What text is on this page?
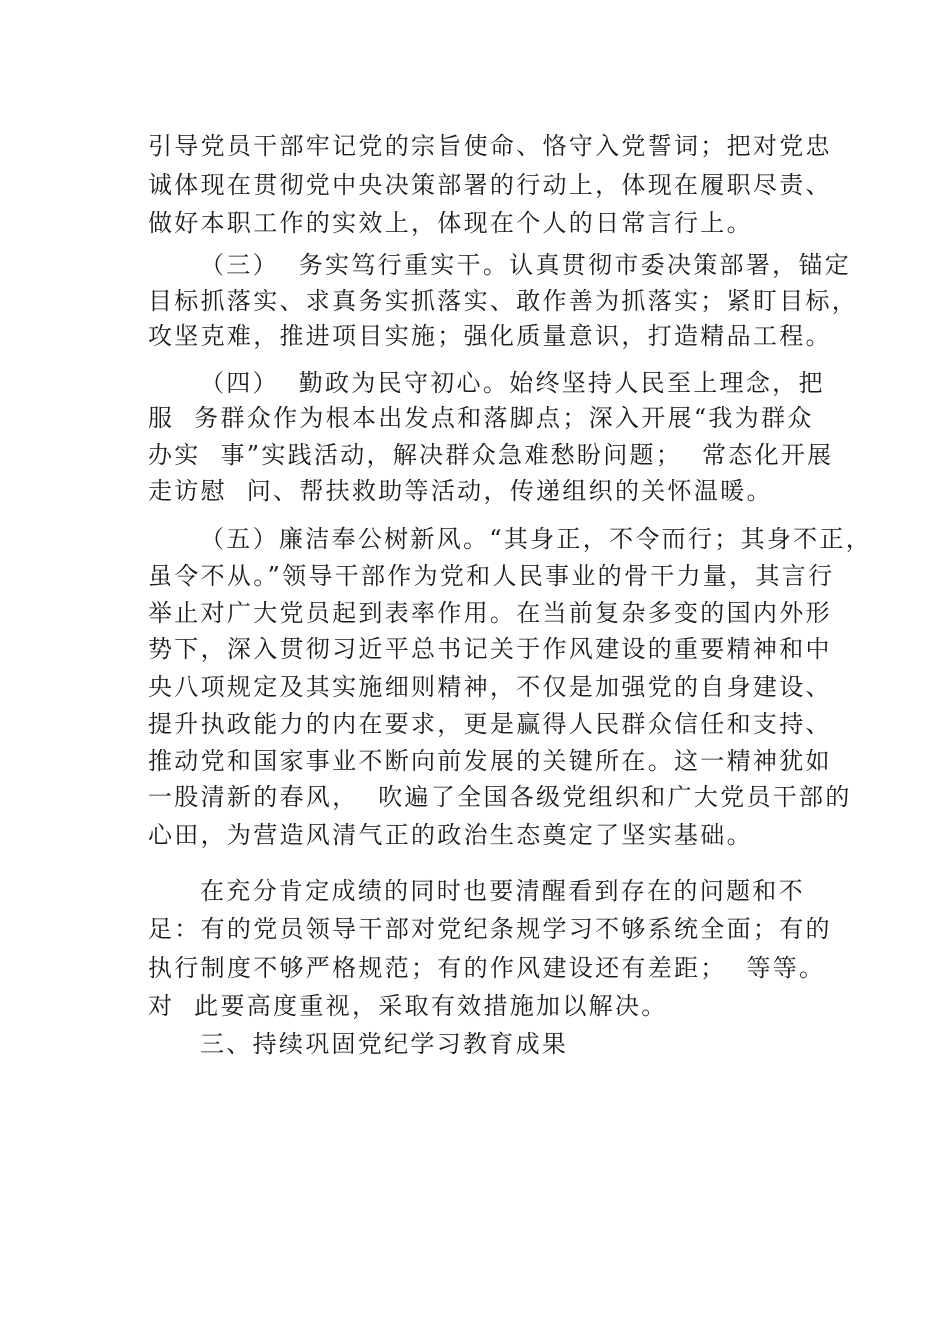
引导党员干部牢记党的宗旨使命、恪守入党誓词；把对党忠
诚体现在贯彻党中央决策部署的行动上，体现在履职尽责、
做好本职工作的实效上，体现在个人的日常言行上。
（三）  务实笃行重实干。认真贯彻市委决策部署，锚定
目标抓落实、求真务实抓落实、敢作善为抓落实；紧盯目标，
攻坚克难，推进项目实施；强化质量意识，打造精品工程。
（四）  勤政为民守初心。始终坚持人民至上理念，把
服  务群众作为根本出发点和落脚点；深入开展“我为群众
办实  事”实践活动，解决群众急难愁盼问题；  常态化开展
走访慰  问、帮扶救助等活动，传递组织的关怀温暖。
（五）廉洁奉公树新风。“其身正，不令而行；其身不正，
虽令不从。”领导干部作为党和人民事业的骨干力量，其言行
举止对广大党员起到表率作用。在当前复杂多变的国内外形
势下，深入贯彻习近平总书记关于作风建设的重要精神和中
央八项规定及其实施细则精神，不仅是加强党的自身建设、
提升执政能力的内在要求，更是赢得人民群众信任和支持、
推动党和国家事业不断向前发展的关键所在。这一精神犹如
一股清新的春风，  吹遍了全国各级党组织和广大党员干部的
心田，为营造风清气正的政治生态奠定了坚实基础。
在充分肯定成绩的同时也要清醒看到存在的问题和不
足：有的党员领导干部对党纪条规学习不够系统全面；有的
执行制度不够严格规范；有的作风建设还有差距；  等等。
对  此要高度重视，采取有效措施加以解决。
三、持续巩固党纪学习教育成果
